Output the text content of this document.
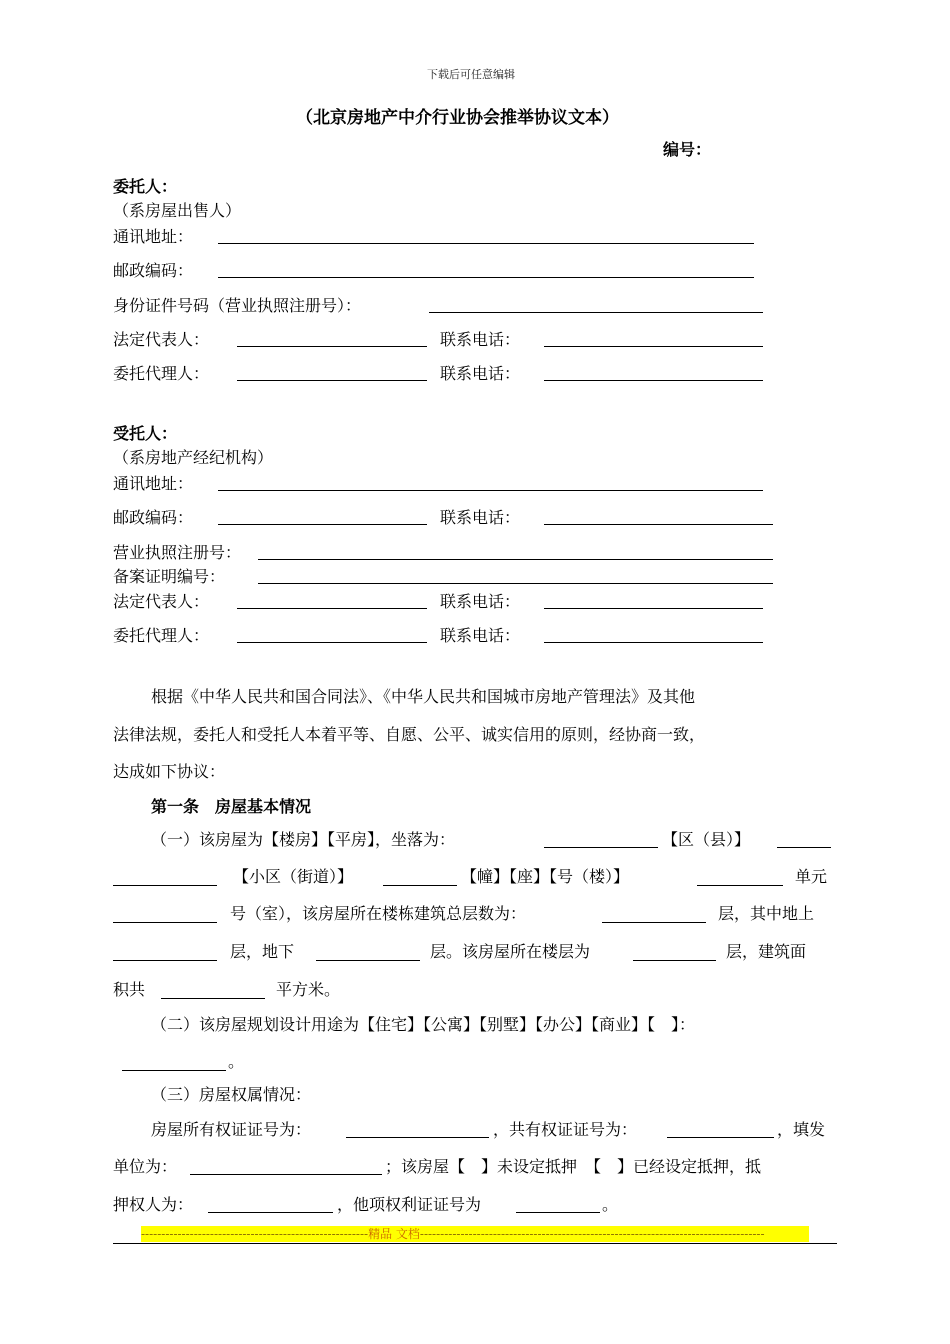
下载后可任意编辑
（北京房地产中介行业协会推举协议文本）
编号：
委托人：
（系房屋出售人）
通讯地址：
邮政编码：
身份证件号码（营业执照注册号）：
法定代表人：	联系电话：
委托代理人：	联系电话：
受托人：
（系房地产经纪机构）
通讯地址：
邮政编码：	联系电话：
营业执照注册号：
备案证明编号：
法定代表人：	联系电话：
委托代理人：	联系电话：
根据《中华人民共和国合同法》、《中华人民共和国城市房地产管理法》及其他
法律法规，委托人和受托人本着平等、自愿、公平、诚实信用的原则，经协商一致，
达成如下协议：
第一条　房屋基本情况
（一）该房屋为【楼房】【平房】，坐落为：	【区（县）】
【小区（街道）】	【幢】【座】【号（楼）】	单元
号（室），该房屋所在楼栋建筑总层数为：	层，其中地上
层，地下	层。该房屋所在楼层为	层，建筑面
积共	平方米。
（二）该房屋规划设计用途为【住宅】【公寓】【别墅】【办公】【商业】【　】：
。
（三）房屋权属情况：
房屋所有权证证号为：	，共有权证证号为：	，填发
单位为：	；该房屋【　】未设定抵押　【　】已经设定抵押，抵
押权人为：	，他项权利证证号为	。
--------------------------------------------------------精品 文档-------------------------------------------------------------------------------------
